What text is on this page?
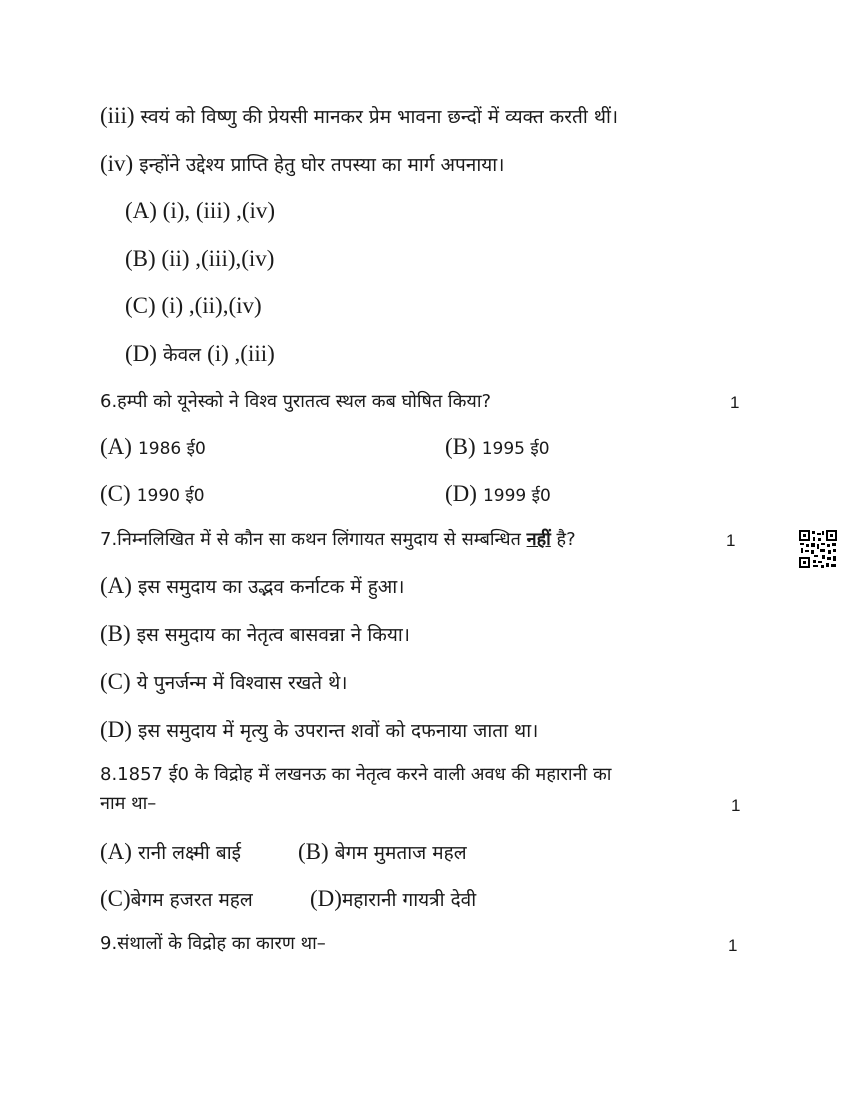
(iii) स्वयं को विष्णु की प्रेयसी मानकर प्रेम भावना छन्दों में व्यक्त करती थीं।
(iv) इन्होंने उद्देश्य प्राप्ति हेतु घोर तपस्या का मार्ग अपनाया।
(A) (i), (iii) ,(iv)
(B) (ii) ,(iii),(iv)
(C) (i) ,(ii),(iv)
(D) केवल (i) ,(iii)
6.हम्पी को यूनेस्को ने विश्व पुरातत्व स्थल कब घोषित किया?	1
(A) 1986 ई0	(B) 1995 ई0
(C) 1990 ई0	(D) 1999 ई0
7.निम्नलिखित में से कौन सा कथन लिंगायत समुदाय से सम्बन्धित नहीं है?	1
(A) इस समुदाय का उद्भव कर्नाटक में हुआ।
(B) इस समुदाय का नेतृत्व बासवन्ना ने किया।
(C) ये पुनर्जन्म में विश्वास रखते थे।
(D) इस समुदाय में मृत्यु के उपरान्त शवों को दफनाया जाता था।
8.1857 ई0 के विद्रोह में लखनऊ का नेतृत्व करने वाली अवध की महारानी का
नाम था–	1
(A) रानी लक्ष्मी बाई (B) बेगम मुमताज महल
(C)बेगम हजरत महल (D)महारानी गायत्री देवी
9.संथालों के विद्रोह का कारण था–	1
